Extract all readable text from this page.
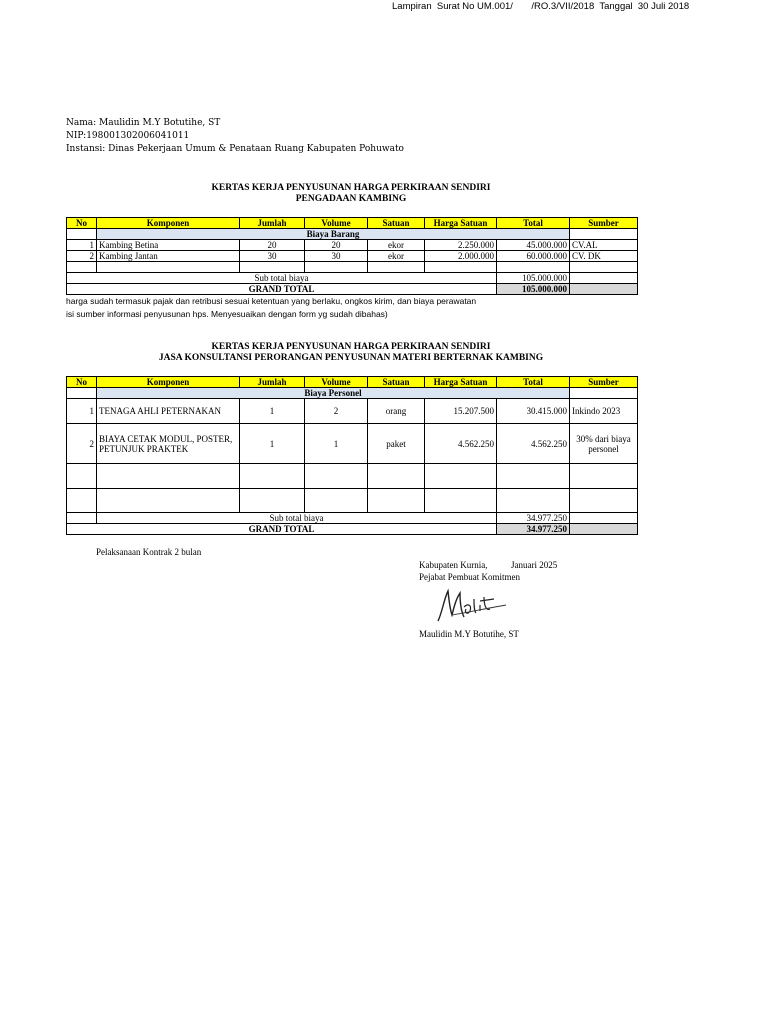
Lampiran  Surat No UM.001/       /RO.3/VII/2018  Tanggal  30 Juli 2018
Nama: Maulidin M.Y Botutihe, ST
NIP:198001302006041011
Instansi: Dinas Pekerjaan Umum & Penataan Ruang Kabupaten Pohuwato
KERTAS KERJA PENYUSUNAN HARGA PERKIRAAN SENDIRI
PENGADAAN KAMBING
No	Komponen	Jumlah	Volume	Satuan	Harga Satuan	Total	Sumber
	Biaya Barang						
1	Kambing Betina	20	20	ekor	2.250.000	45.000.000	CV.AL
2	Kambing Jantan	30	30	ekor	2.000.000	60.000.000	CV. DK

Sub total biaya						105.000.000	
GRAND TOTAL						105.000.000	
harga sudah termasuk pajak dan retribusi sesuai ketentuan yang berlaku, ongkos kirim, dan biaya perawatan
isi sumber informasi penyusunan hps. Menyesuaikan dengan form yg sudah dibahas)
KERTAS KERJA PENYUSUNAN HARGA PERKIRAAN SENDIRI
JASA KONSULTANSI PERORANGAN PENYUSUNAN MATERI BERTERNAK KAMBING
No	Komponen	Jumlah	Volume	Satuan	Harga Satuan	Total	Sumber
	Biaya Personel						
1	TENAGA AHLI PETERNAKAN	1	2	orang	15.207.500	30.415.000	Inkindo 2023
2	BIAYA CETAK MODUL, POSTER, PETUNJUK PRAKTEK	1	1	paket	4.562.250	4.562.250	30% dari biaya personel

	Sub total biaya					34.977.250	
GRAND TOTAL						34.977.250	
Pelaksanaan Kontrak 2 bulan
Kabupaten Kurnia,	Januari 2025
Pejabat Pembuat Komitmen
Maulidin M.Y Botutihe, ST
